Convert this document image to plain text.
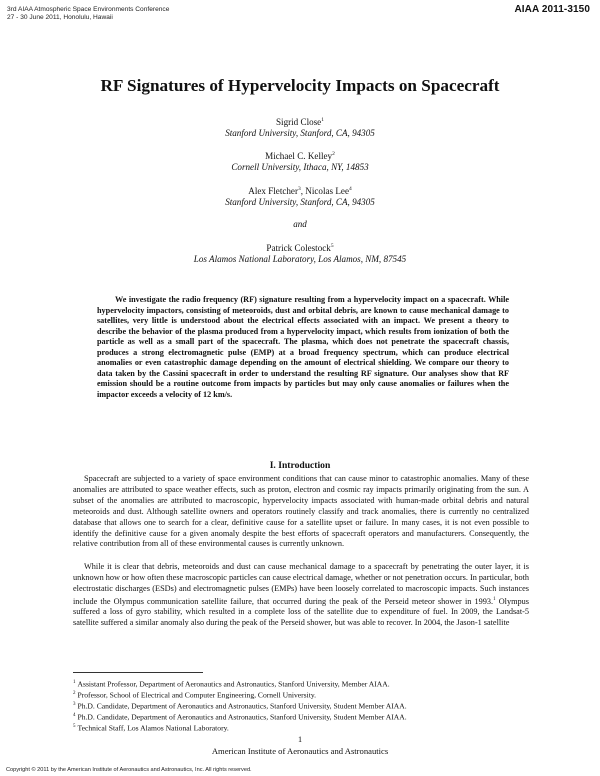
3rd AIAA Atmospheric Space Environments Conference
27 - 30 June 2011, Honolulu, Hawaii
AIAA 2011-3150
RF Signatures of Hypervelocity Impacts on Spacecraft
Sigrid Close$^1$
Stanford University, Stanford, CA, 94305
Michael C. Kelley$^2$
Cornell University, Ithaca, NY, 14853
Alex Fletcher$^3$, Nicolas Lee$^4$
Stanford University, Stanford, CA, 94305
and
Patrick Colestock$^5$
Los Alamos National Laboratory, Los Alamos, NM, 87545
We investigate the radio frequency (RF) signature resulting from a hypervelocity impact on a spacecraft. While hypervelocity impactors, consisting of meteoroids, dust and orbital debris, are known to cause mechanical damage to satellites, very little is understood about the electrical effects associated with an impact. We present a theory to describe the behavior of the plasma produced from a hypervelocity impact, which results from ionization of both the particle as well as a small part of the spacecraft. The plasma, which does not penetrate the spacecraft chassis, produces a strong electromagnetic pulse (EMP) at a broad frequency spectrum, which can produce electrical anomalies or even catastrophic damage depending on the amount of electrical shielding. We compare our theory to data taken by the Cassini spacecraft in order to understand the resulting RF signature. Our analyses show that RF emission should be a routine outcome from impacts by particles but may only cause anomalies or failures when the impactor exceeds a velocity of 12 km/s.
I. Introduction

Spacecraft are subjected to a variety of space environment conditions that can cause minor to catastrophic anomalies. Many of these anomalies are attributed to space weather effects, such as proton, electron and cosmic ray impacts primarily originating from the sun. A subset of the anomalies are attributed to macroscopic, hypervelocity impacts associated with human-made orbital debris and natural meteoroids and dust. Although satellite owners and operators routinely classify and track anomalies, there is currently no centralized database that allows one to search for a clear, definitive cause for a satellite upset or failure. In many cases, it is not even possible to identify the definitive cause for a given anomaly despite the best efforts of spacecraft operators and manufacturers. Consequently, the relative contribution from all of these environmental causes is currently unknown.

While it is clear that debris, meteoroids and dust can cause mechanical damage to a spacecraft by penetrating the outer layer, it is unknown how or how often these macroscopic particles can cause electrical damage, whether or not penetration occurs. In particular, both electrostatic discharges (ESDs) and electromagnetic pulses (EMPs) have been loosely correlated to macroscopic impacts. Such instances include the Olympus communication satellite failure, that occurred during the peak of the Perseid meteor shower in 1993.$^1$ Olympus suffered a loss of gyro stability, which resulted in a complete loss of the satellite due to expenditure of fuel. In 2009, the Landsat-5 satellite suffered a similar anomaly also during the peak of the Perseid shower, but was able to recover. In 2004, the Jason-1 satellite

$^1$ Assistant Professor, Department of Aeronautics and Astronautics, Stanford University, Member AIAA.
$^2$ Professor, School of Electrical and Computer Engineering, Cornell University.
$^3$ Ph.D. Candidate, Department of Aeronautics and Astronautics, Stanford University, Student Member AIAA.
$^4$ Ph.D. Candidate, Department of Aeronautics and Astronautics, Stanford University, Student Member AIAA.
$^5$ Technical Staff, Los Alamos National Laboratory.
1
American Institute of Aeronautics and Astronautics
Copyright © 2011 by the American Institute of Aeronautics and Astronautics, Inc. All rights reserved.
